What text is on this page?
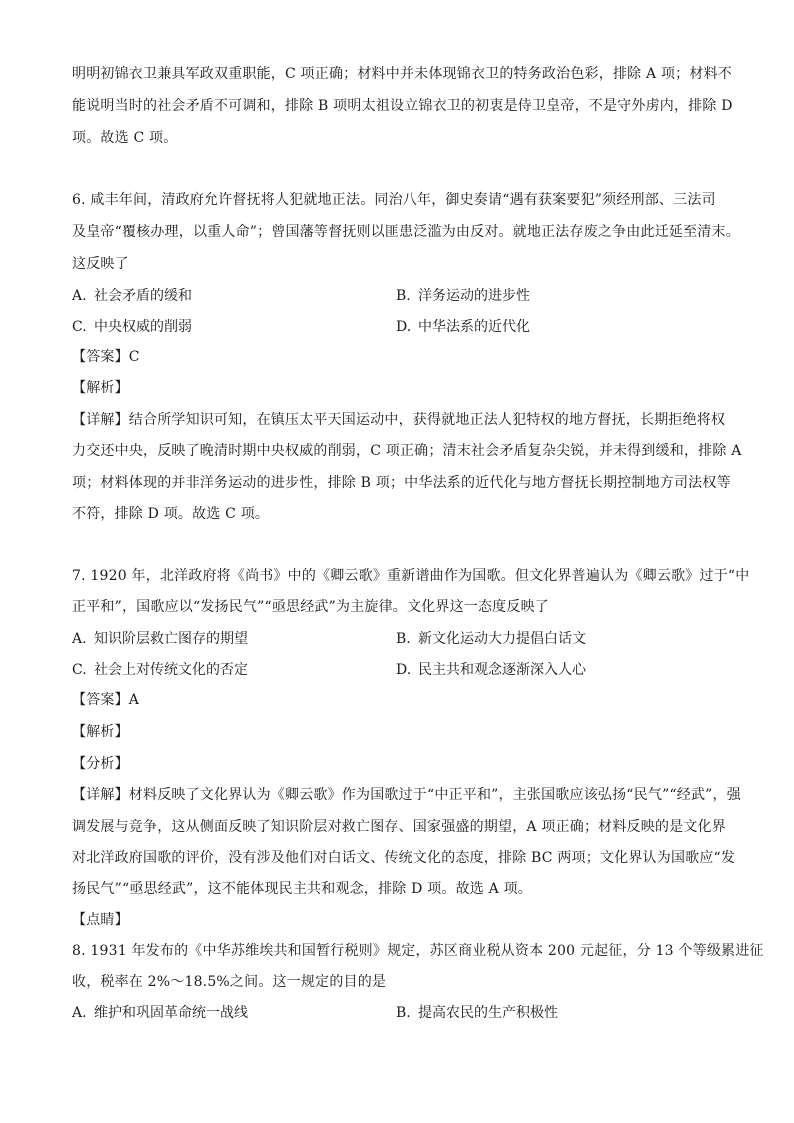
明明初锦衣卫兼具军政双重职能，C 项正确；材料中并未体现锦衣卫的特务政治色彩，排除 A 项；材料不
能说明当时的社会矛盾不可调和，排除 B 项明太祖设立锦衣卫的初衷是侍卫皇帝，不是守外虏内，排除 D
项。故选 C 项。
6. 咸丰年间，清政府允许督抚将人犯就地正法。同治八年，御史奏请“遇有获案要犯”须经刑部、三法司
及皇帝“覆核办理，以重人命”；曾国藩等督抚则以匪患泛滥为由反对。就地正法存废之争由此迁延至清末。
这反映了
A. 社会矛盾的缓和	B. 洋务运动的进步性
C. 中央权威的削弱	D. 中华法系的近代化
【答案】C
【解析】
【详解】结合所学知识可知，在镇压太平天国运动中，获得就地正法人犯特权的地方督抚，长期拒绝将权
力交还中央，反映了晚清时期中央权威的削弱，C 项正确；清末社会矛盾复杂尖锐，并未得到缓和，排除 A
项；材料体现的并非洋务运动的进步性，排除 B 项；中华法系的近代化与地方督抚长期控制地方司法权等
不符，排除 D 项。故选 C 项。
7. 1920 年，北洋政府将《尚书》中的《卿云歌》重新谱曲作为国歌。但文化界普遍认为《卿云歌》过于“中
正平和”，国歌应以“发扬民气”“亟思经武”为主旋律。文化界这一态度反映了
A. 知识阶层救亡图存的期望	B. 新文化运动大力提倡白话文
C. 社会上对传统文化的否定	D. 民主共和观念逐渐深入人心
【答案】A
【解析】
【分析】
【详解】材料反映了文化界认为《卿云歌》作为国歌过于“中正平和”，主张国歌应该弘扬“民气”“经武”，强
调发展与竞争，这从侧面反映了知识阶层对救亡图存、国家强盛的期望，A 项正确；材料反映的是文化界
对北洋政府国歌的评价，没有涉及他们对白话文、传统文化的态度，排除 BC 两项；文化界认为国歌应“发
扬民气”“亟思经武”，这不能体现民主共和观念，排除 D 项。故选 A 项。
【点睛】
8. 1931 年发布的《中华苏维埃共和国暂行税则》规定，苏区商业税从资本 200 元起征，分 13 个等级累进征
收，税率在 2%～18.5%之间。这一规定的目的是
A. 维护和巩固革命统一战线	B. 提高农民的生产积极性
